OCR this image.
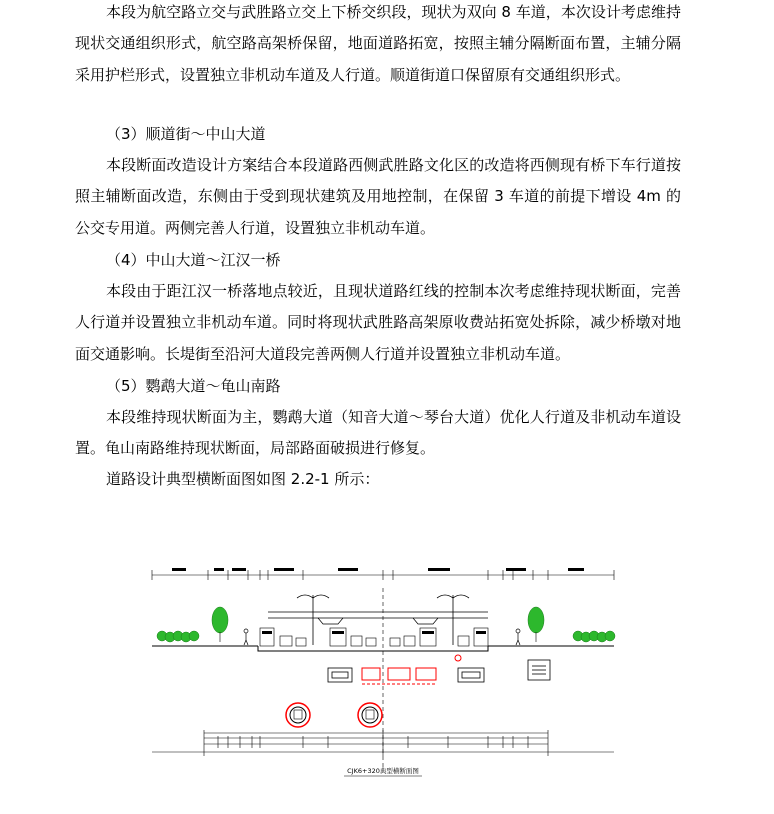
本段为航空路立交与武胜路立交上下桥交织段，现状为双向 8 车道，本次设计考虑维持现状交通组织形式，航空路高架桥保留，地面道路拓宽，按照主辅分隔断面布置，主辅分隔采用护栏形式，设置独立非机动车道及人行道。顺道街道口保留原有交通组织形式。

（3）顺道街～中山大道

本段断面改造设计方案结合本段道路西侧武胜路文化区的改造将西侧现有桥下车行道按照主辅断面改造，东侧由于受到现状建筑及用地控制，在保留 3 车道的前提下增设 4m 的公交专用道。两侧完善人行道，设置独立非机动车道。

（4）中山大道～江汉一桥

本段由于距江汉一桥落地点较近，且现状道路红线的控制本次考虑维持现状断面，完善人行道并设置独立非机动车道。同时将现状武胜路高架原收费站拓宽处拆除，减少桥墩对地面交通影响。长堤街至沿河大道段完善两侧人行道并设置独立非机动车道。

（5）鹦鹉大道～龟山南路

本段维持现状断面为主，鹦鹉大道（知音大道～琴台大道）优化人行道及非机动车道设置。龟山南路维持现状断面，局部路面破损进行修复。

道路设计典型横断面图如图 2.2-1 所示：

CJK6+320典型横断面图
